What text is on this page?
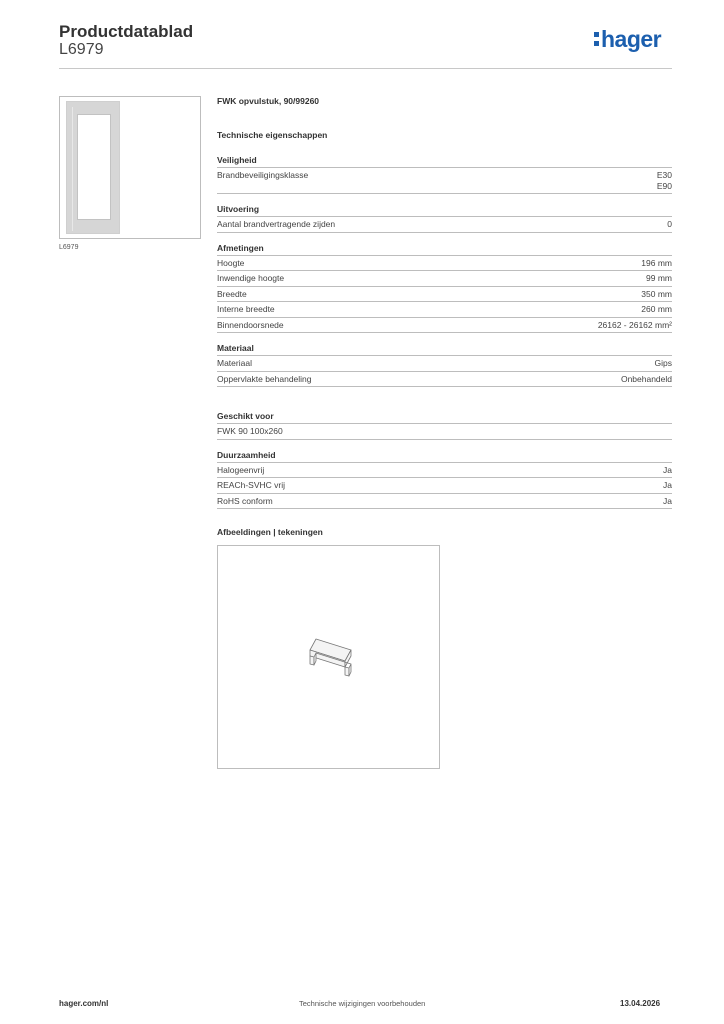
Productdatablad
L6979	hager
L6979
FWK opvulstuk, 90/99260
Technische eigenschappen
Veiligheid
Brandbeveiligingsklasse	E30
E90
Uitvoering
Aantal brandvertragende zijden	0
Afmetingen
Hoogte	196 mm
Inwendige hoogte	99 mm
Breedte	350 mm
Interne breedte	260 mm
Binnendoorsnede	26162 - 26162 mm²
Materiaal
Materiaal	Gips
Oppervlakte behandeling	Onbehandeld
Geschikt voor
FWK 90 100x260
Duurzaamheid
Halogeenvrij	Ja
REACh-SVHC vrij	Ja
RoHS conform	Ja
Afbeeldingen | tekeningen
hager.com/nl	Technische wijzigingen voorbehouden	13.04.2026
